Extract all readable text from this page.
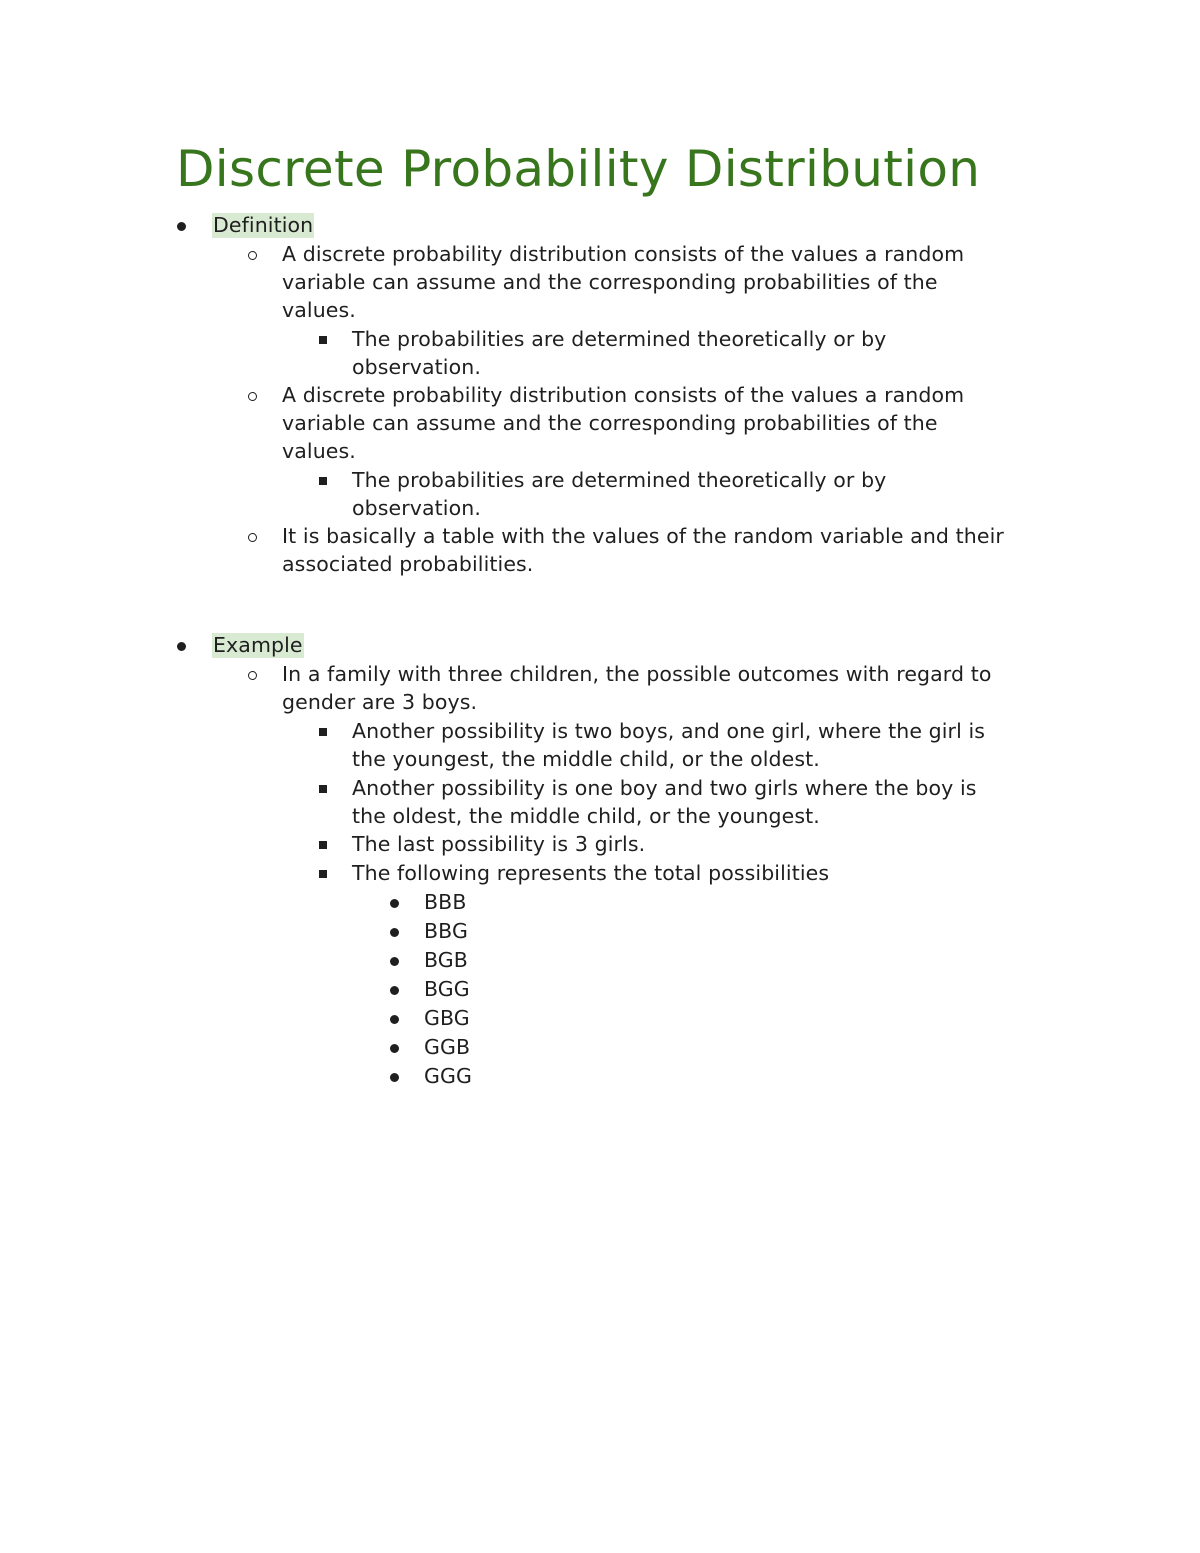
Discrete Probability Distribution
Definition
A discrete probability distribution consists of the values a random
variable can assume and the corresponding probabilities of the
values.
The probabilities are determined theoretically or by
observation.
A discrete probability distribution consists of the values a random
variable can assume and the corresponding probabilities of the
values.
The probabilities are determined theoretically or by
observation.
It is basically a table with the values of the random variable and their
associated probabilities.
Example
In a family with three children, the possible outcomes with regard to
gender are 3 boys.
Another possibility is two boys, and one girl, where the girl is
the youngest, the middle child, or the oldest.
Another possibility is one boy and two girls where the boy is
the oldest, the middle child, or the youngest.
The last possibility is 3 girls.
The following represents the total possibilities
BBB
BBG
BGB
BGG
GBG
GGB
GGG
